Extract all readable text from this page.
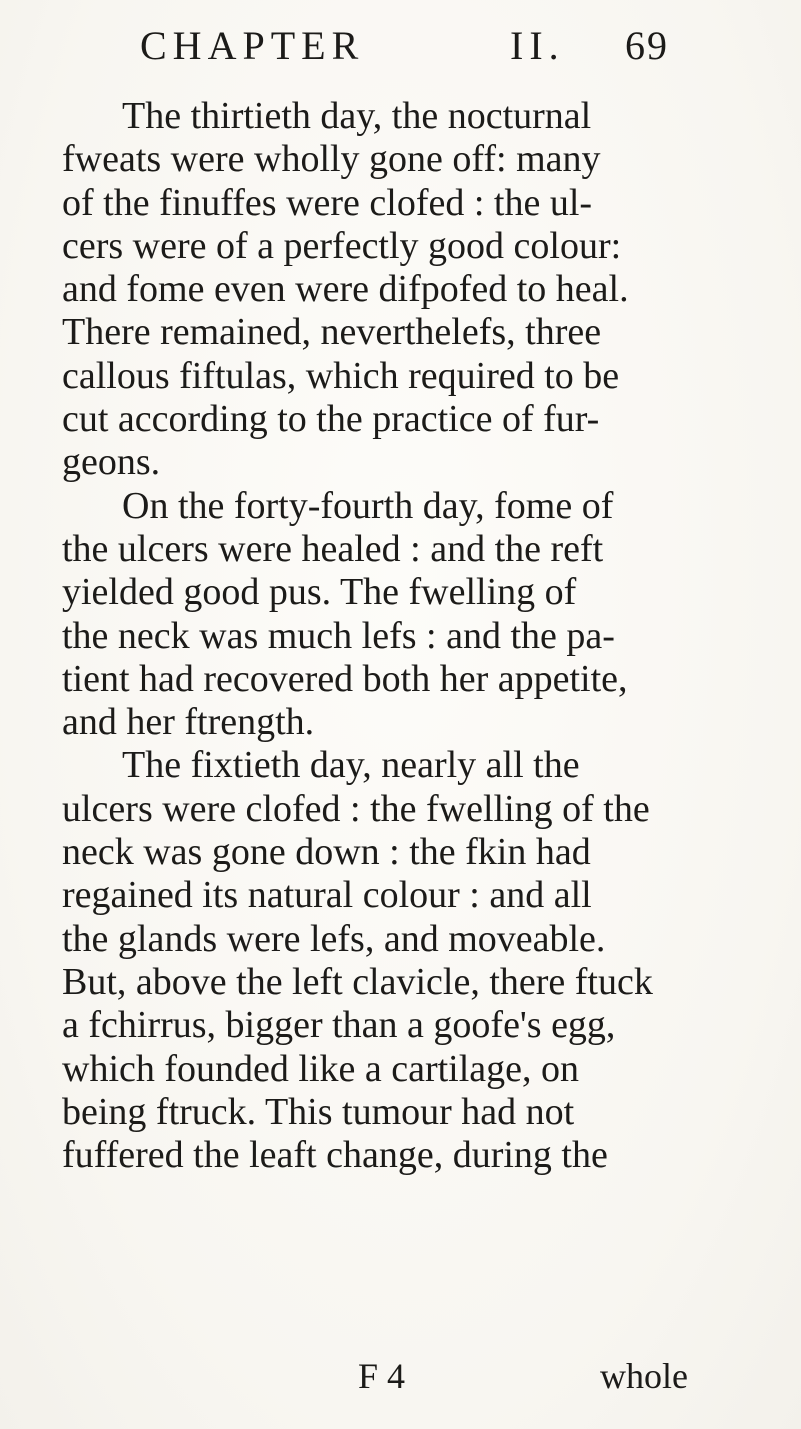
CHAPTER	II. 69
The thirtieth day, the nocturnal
fweats were wholly gone off: many
of the finuffes were clofed : the ul-
cers were of a perfectly good colour:
and fome even were difpofed to heal.
There remained, neverthelefs, three
callous fiftulas, which required to be
cut according to the practice of fur-
geons.
On the forty-fourth day, fome of
the ulcers were healed : and the reft
yielded good pus. The fwelling of
the neck was much lefs : and the pa-
tient had recovered both her appetite,
and her ftrength.
The fixtieth day, nearly all the
ulcers were clofed : the fwelling of the
neck was gone down : the fkin had
regained its natural colour : and all
the glands were lefs, and moveable.
But, above the left clavicle, there ftuck
a fchirrus, bigger than a goofe's egg,
which founded like a cartilage, on
being ftruck. This tumour had not
fuffered the leaft change, during the
F 4	whole
